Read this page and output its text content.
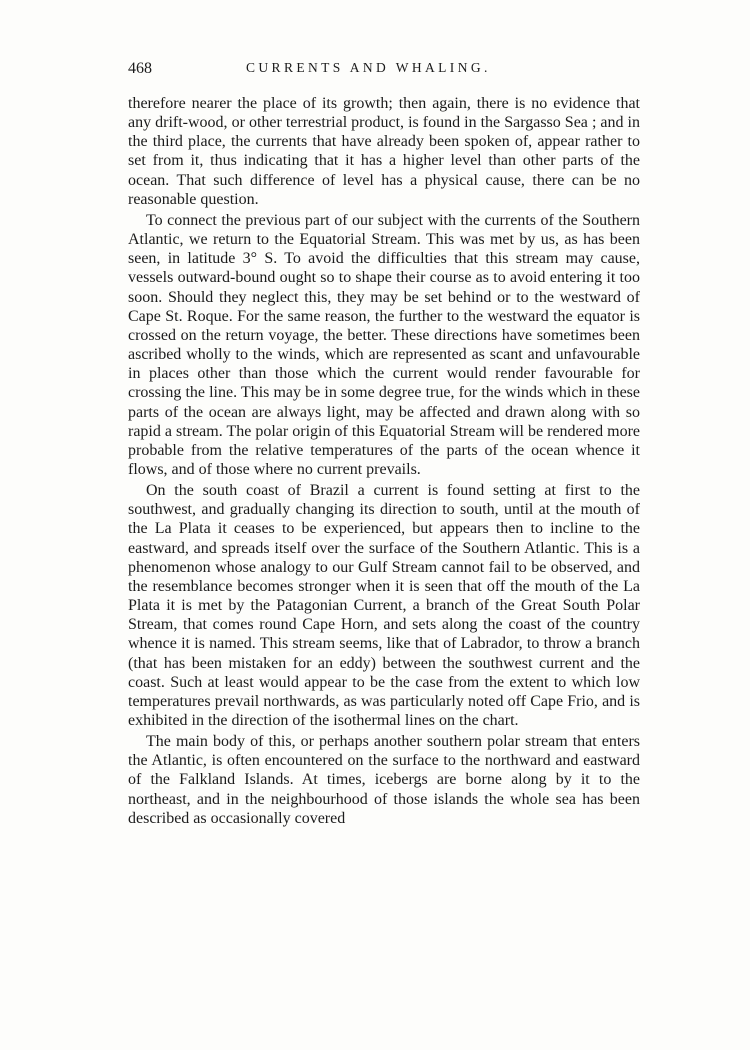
468	CURRENTS AND WHALING.

therefore nearer the place of its growth; then again, there is no evidence that any drift-wood, or other terrestrial product, is found in the Sargasso Sea ; and in the third place, the currents that have already been spoken of, appear rather to set from it, thus indicating that it has a higher level than other parts of the ocean. That such difference of level has a physical cause, there can be no reasonable question.

To connect the previous part of our subject with the currents of the Southern Atlantic, we return to the Equatorial Stream. This was met by us, as has been seen, in latitude 3° S. To avoid the difficulties that this stream may cause, vessels outward-bound ought so to shape their course as to avoid entering it too soon. Should they neglect this, they may be set behind or to the westward of Cape St. Roque. For the same reason, the further to the westward the equator is crossed on the return voyage, the better. These directions have sometimes been ascribed wholly to the winds, which are represented as scant and unfavourable in places other than those which the current would render favourable for crossing the line. This may be in some degree true, for the winds which in these parts of the ocean are always light, may be affected and drawn along with so rapid a stream. The polar origin of this Equatorial Stream will be rendered more probable from the relative temperatures of the parts of the ocean whence it flows, and of those where no current prevails.

On the south coast of Brazil a current is found setting at first to the southwest, and gradually changing its direction to south, until at the mouth of the La Plata it ceases to be experienced, but appears then to incline to the eastward, and spreads itself over the surface of the Southern Atlantic. This is a phenomenon whose analogy to our Gulf Stream cannot fail to be observed, and the resemblance becomes stronger when it is seen that off the mouth of the La Plata it is met by the Patagonian Current, a branch of the Great South Polar Stream, that comes round Cape Horn, and sets along the coast of the country whence it is named. This stream seems, like that of Labrador, to throw a branch (that has been mistaken for an eddy) between the southwest current and the coast. Such at least would appear to be the case from the extent to which low temperatures prevail northwards, as was particularly noted off Cape Frio, and is exhibited in the direction of the isothermal lines on the chart.

The main body of this, or perhaps another southern polar stream that enters the Atlantic, is often encountered on the surface to the northward and eastward of the Falkland Islands. At times, icebergs are borne along by it to the northeast, and in the neighbourhood of those islands the whole sea has been described as occasionally covered
